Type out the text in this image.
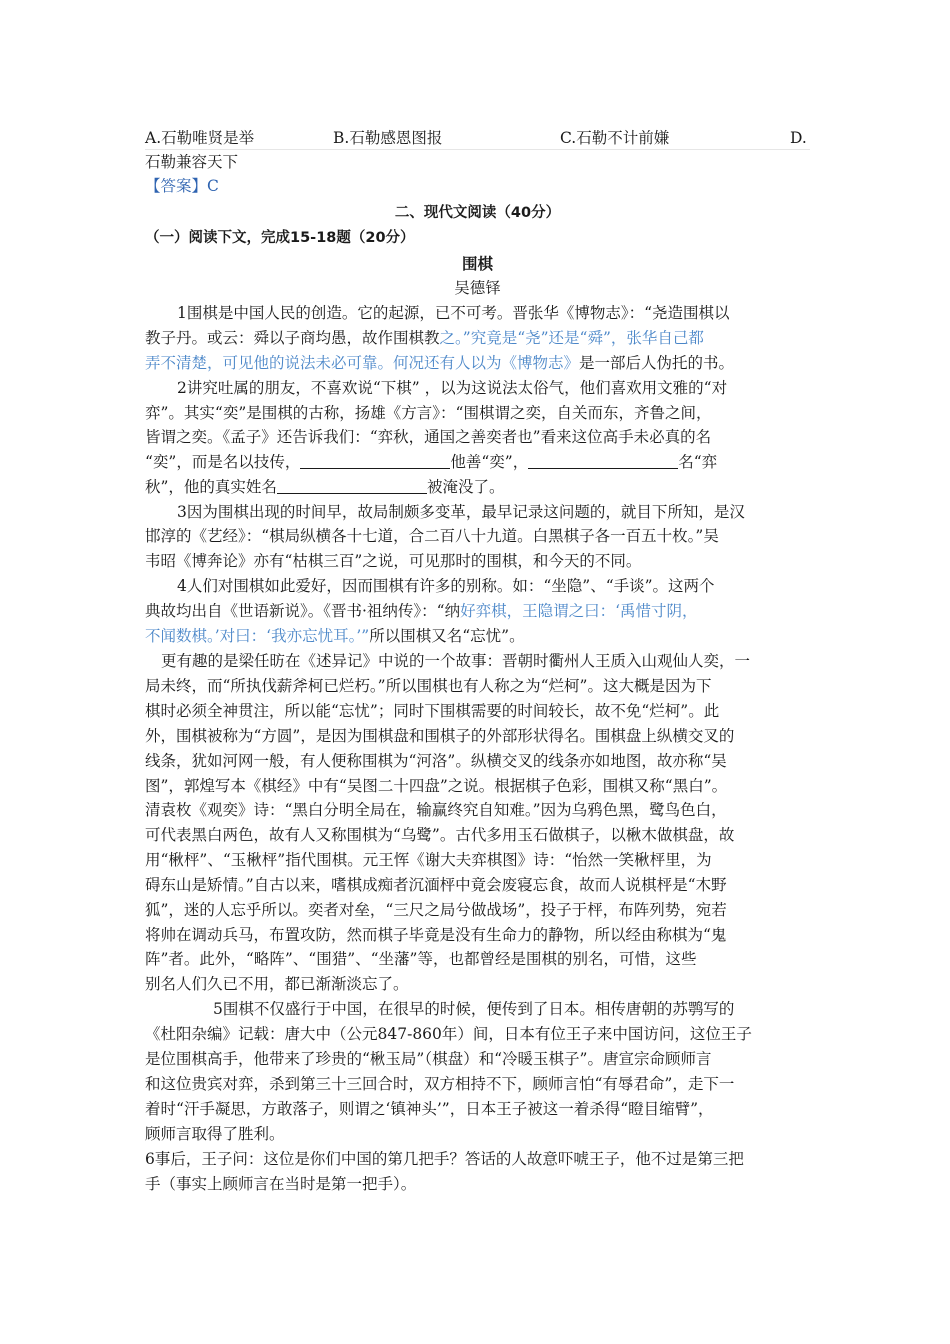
A.石勒唯贤是举	B.石勒感恩图报	C.石勒不计前嫌	D.
石勒兼容天下
【答案】C
二、现代文阅读（40分）
（一）阅读下文，完成15-18题（20分）
围棋
吴德铎
1围棋是中国人民的创造。它的起源，已不可考。晋张华《博物志》：“尧造围棋以
教子丹。或云：舜以子商均愚，故作围棋教之。”究竟是“尧”还是“舜”，张华自己都
弄不清楚，可见他的说法未必可靠。何况还有人以为《博物志》是一部后人伪托的书。
2讲究吐属的朋友，不喜欢说“下棋” ，以为这说法太俗气，他们喜欢用文雅的“对
弈”。其实“奕”是围棋的古称，扬雄《方言》：“围棋谓之奕，自关而东，齐鲁之间，
皆谓之奕。《孟子》还告诉我们：“弈秋，通国之善奕者也”看来这位高手未必真的名
“奕”，而是名以技传，	他善“奕”，	名“弈
秋”，他的真实姓名	被淹没了。
3因为围棋出现的时间早，故局制颇多变革，最早记录这问题的，就目下所知，是汉
邯淳的《艺经》：“棋局纵横各十七道，合二百八十九道。白黑棋子各一百五十枚。”吴
韦昭《博奔论》亦有“枯棋三百”之说，可见那时的围棋，和今天的不同。
4人们对围棋如此爱好，因而围棋有许多的别称。如：“坐隐”、“手谈”。这两个
典故均出自《世语新说》。《晋书·祖纳传》：“纳好弈棋，王隐谓之曰：‘禹惜寸阴，
不闻数棋。’对曰：‘我亦忘忧耳。’”所以围棋又名“忘忧”。
更有趣的是梁任昉在《述异记》中说的一个故事：晋朝时衢州人王质入山观仙人奕，一
局未终，而“所执伐薪斧柯已烂朽。”所以围棋也有人称之为“烂柯”。这大概是因为下
棋时必须全神贯注，所以能“忘忧”；同时下围棋需要的时间较长，故不免“烂柯”。此
外，围棋被称为“方圆”，是因为围棋盘和围棋子的外部形状得名。围棋盘上纵横交叉的
线条，犹如河网一般，有人便称围棋为“河洛”。纵横交叉的线条亦如地图，故亦称“吴
图”，郭煌写本《棋经》中有“吴图二十四盘”之说。根据棋子色彩，围棋又称“黑白”。
清袁枚《观奕》诗：“黑白分明全局在，输赢终究自知难。”因为乌鸦色黑，鹭鸟色白，
可代表黑白两色，故有人又称围棋为“乌鹭”。古代多用玉石做棋子，以楸木做棋盘，故
用“楸枰”、“玉楸枰”指代围棋。元王恽《谢大夫弈棋图》诗：“怡然一笑楸枰里，为
碍东山是矫情。”自古以来，嗜棋成痴者沉湎枰中竟会废寝忘食，故而人说棋枰是“木野
狐”，迷的人忘乎所以。奕者对垒，“三尺之局兮做战场”，投子于枰，布阵列势，宛若
将帅在调动兵马，布置攻防，然而棋子毕竟是没有生命力的静物，所以经由称棋为“鬼
阵”者。此外，“略阵”、“围猎”、“坐藩”等，也都曾经是围棋的别名，可惜，这些
别名人们久已不用，都已渐渐淡忘了。
5围棋不仅盛行于中国，在很早的时候，便传到了日本。相传唐朝的苏鹗写的
《杜阳杂编》记载：唐大中（公元847-860年）间，日本有位王子来中国访问，这位王子
是位围棋高手，他带来了珍贵的“楸玉局”（棋盘）和“冷暖玉棋子”。唐宣宗命顾师言
和这位贵宾对弈，杀到第三十三回合时，双方相持不下，顾师言怕“有辱君命”，走下一
着时“汗手凝思，方敢落子，则谓之‘镇神头’”，日本王子被这一着杀得“瞪目缩臂”，
顾师言取得了胜利。
6事后，王子问：这位是你们中国的第几把手？答话的人故意吓唬王子，他不过是第三把
手（事实上顾师言在当时是第一把手）。
